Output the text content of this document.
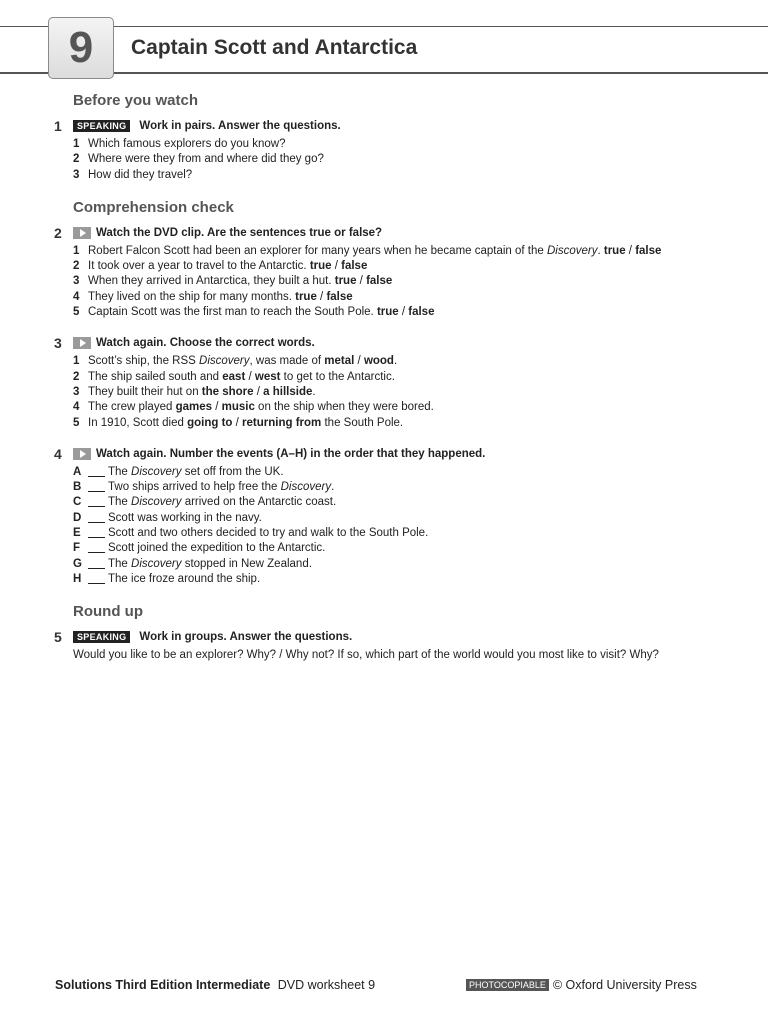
9 Captain Scott and Antarctica
Before you watch
1	SPEAKING	Work in pairs. Answer the questions.
1 Which famous explorers do you know?
2 Where were they from and where did they go?
3 How did they travel?
Comprehension check
2	Watch the DVD clip. Are the sentences true or false?
1 Robert Falcon Scott had been an explorer for many years when he became captain of the Discovery. true / false
2 It took over a year to travel to the Antarctic. true / false
3 When they arrived in Antarctica, they built a hut. true / false
4 They lived on the ship for many months. true / false
5 Captain Scott was the first man to reach the South Pole. true / false
3	Watch again. Choose the correct words.
1 Scott’s ship, the RSS Discovery, was made of metal / wood.
2 The ship sailed south and east / west to get to the Antarctic.
3 They built their hut on the shore / a hillside.
4 The crew played games / music on the ship when they were bored.
5 In 1910, Scott died going to / returning from the South Pole.
4	Watch again. Number the events (A–H) in the order that they happened.
A The Discovery set off from the UK.
B Two ships arrived to help free the Discovery.
C The Discovery arrived on the Antarctic coast.
D Scott was working in the navy.
E Scott and two others decided to try and walk to the South Pole.
F Scott joined the expedition to the Antarctic.
G The Discovery stopped in New Zealand.
H The ice froze around the ship.
Round up
5	SPEAKING	Work in groups. Answer the questions.
Would you like to be an explorer? Why? / Why not? If so, which part of the world would you most like to visit? Why?
Solutions Third Edition Intermediate DVD worksheet 9	PHOTOCOPIABLE © Oxford University Press
